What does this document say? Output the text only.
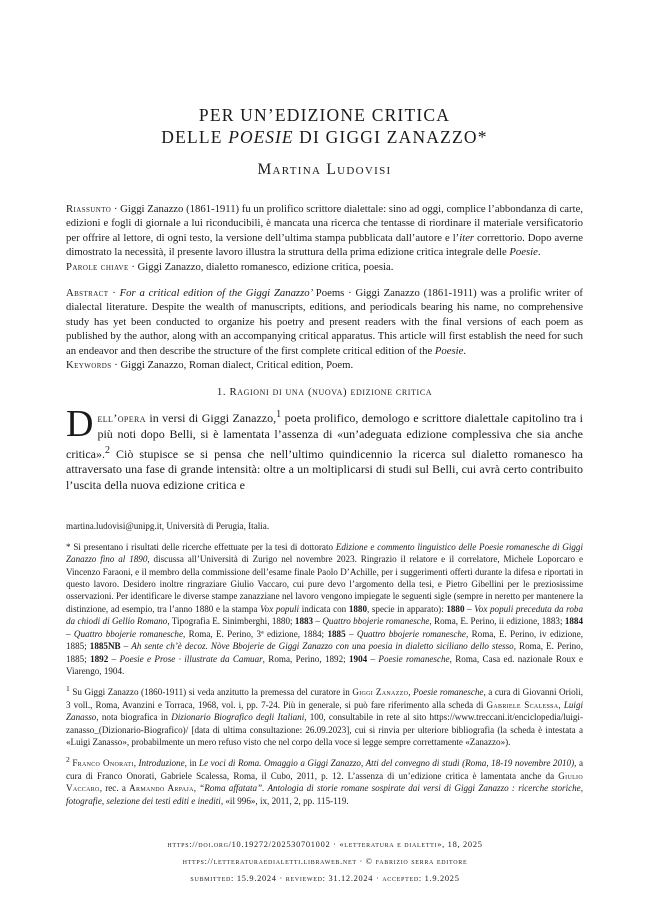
PER UN’EDIZIONE CRITICA
DELLE POESIE DI GIGGI ZANAZZO*
Martina Ludovisi

Riassunto · Giggi Zanazzo (1861-1911) fu un prolifico scrittore dialettale: sino ad oggi, complice l’abbondanza di carte, edizioni e fogli di giornale a lui riconducibili, è mancata una ricerca che tentasse di riordinare il materiale versificatorio per offrire al lettore, di ogni testo, la versione dell’ultima stampa pubblicata dall’autore e l’iter correttorio. Dopo averne dimostrato la necessità, il presente lavoro illustra la struttura della prima edizione critica integrale delle Poesie.

Parole chiave · Giggi Zanazzo, dialetto romanesco, edizione critica, poesia.

Abstract · For a critical edition of the Giggi Zanazzo’ Poems · Giggi Zanazzo (1861-1911) was a prolific writer of dialectal literature. Despite the wealth of manuscripts, editions, and periodicals bearing his name, no comprehensive study has yet been conducted to organize his poetry and present readers with the final versions of each poem as published by the author, along with an accompanying critical apparatus. This article will first establish the need for such an endeavor and then describe the structure of the first complete critical edition of the Poesie.

Keywords · Giggi Zanazzo, Roman dialect, Critical edition, Poem.

1. Ragioni di una (nuova) edizione critica

Dell’opera in versi di Giggi Zanazzo,$^1$ poeta prolifico, demologo e scrittore dialettale capitolino tra i più noti dopo Belli, si è lamentata l’assenza di «un’adeguata edizione complessiva che sia anche critica».$^2$ Ciò stupisce se si pensa che nell’ultimo quindicennio la ricerca sul dialetto romanesco ha attraversato una fase di grande intensità: oltre a un moltiplicarsi di studi sul Belli, cui avrà certo contribuito l’uscita della nuova edizione critica e

martina.ludovisi@unipg.it, Università di Perugia, Italia.

* Si presentano i risultati delle ricerche effettuate per la tesi di dottorato Edizione e commento linguistico delle Poesie romanesche di Giggi Zanazzo fino al 1890, discussa all’Università di Zurigo nel novembre 2023. Ringrazio il relatore e il correlatore, Michele Loporcaro e Vincenzo Faraoni, e il membro della commissione dell’esame finale Paolo D’Achille, per i suggerimenti offerti durante la difesa e riportati in questo lavoro. Desidero inoltre ringraziare Giulio Vaccaro, cui pure devo l’argomento della tesi, e Pietro Gibellini per le preziosissime osservazioni. Per identificare le diverse stampe zanazziane nel lavoro vengono impiegate le seguenti sigle (sempre in neretto per mantenere la distinzione, ad esempio, tra l’anno 1880 e la stampa Vox populi indicata con 1880, specie in apparato): 1880 – Vox populi preceduta da roba da chiodi di Gellio Romano, Tipografia E. Sinimberghi, 1880; 1883 – Quattro bbojerie romanesche, Roma, E. Perino, ii edizione, 1883; 1884 – Quattro bbojerie romanesche, Roma, E. Perino, 3ª edizione, 1884; 1885 – Quattro bbojerie romanesche, Roma, E. Perino, iv edizione, 1885; 1885NB – Ah sente ch’è decoz. Nòve Bbojerie de Giggi Zanazzo con una poesia in dialetto siciliano dello stesso, Roma, E. Perino, 1885; 1892 – Poesie e Prose · illustrate da Camuar, Roma, Perino, 1892; 1904 – Poesie romanesche, Roma, Casa ed. nazionale Roux e Viarengo, 1904.

$^1$ Su Giggi Zanazzo (1860-1911) si veda anzitutto la premessa del curatore in Giggi Zanazzo, Poesie romanesche, a cura di Giovanni Orioli, 3 voll., Roma, Avanzini e Torraca, 1968, vol. i, pp. 7-24. Più in generale, si può fare riferimento alla scheda di Gabriele Scalessa, Luigi Zanasso, nota biografica in Dizionario Biografico degli Italiani, 100, consultabile in rete al sito https://www.treccani.it/enciclopedia/luigi-zanasso_(Dizionario-Biografico)/ [data di ultima consultazione: 26.09.2023], cui si rinvia per ulteriore bibliografia (la scheda è intestata a «Luigi Zanasso», probabilmente un mero refuso visto che nel corpo della voce si legge sempre correttamente «Zanazzo»).

$^2$ Franco Onorati, Introduzione, in Le voci di Roma. Omaggio a Giggi Zanazzo, Atti del convegno di studi (Roma, 18-19 novembre 2010), a cura di Franco Onorati, Gabriele Scalessa, Roma, il Cubo, 2011, p. 12. L’assenza di un’edizione critica è lamentata anche da Giulio Vaccaro, rec. a Armando Arpaja, “Roma affatata”. Antologia di storie romane sospirate dai versi di Giggi Zanazzo : ricerche storiche, fotografie, selezione dei testi editi e inediti, «il 996», ix, 2011, 2, pp. 115-119.

https://doi.org/10.19272/202530701002 · «letteratura e dialetti», 18, 2025
https://letteraturaedialetti.libraweb.net · © fabrizio serra editore
submitted: 15.9.2024 · reviewed: 31.12.2024 · accepted: 1.9.2025
